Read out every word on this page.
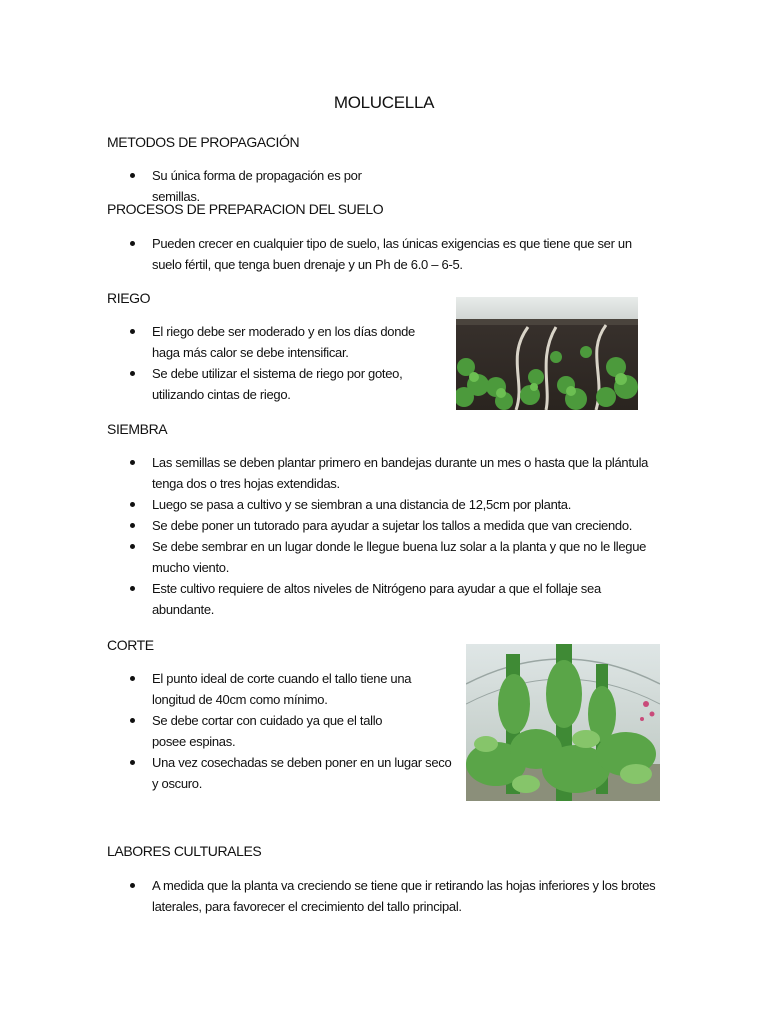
MOLUCELLA
METODOS DE PROPAGACIÓN
Su única forma de propagación es por semillas.
PROCESOS DE PREPARACION DEL SUELO
Pueden crecer en cualquier tipo de suelo, las únicas exigencias es que tiene que ser un suelo fértil, que tenga buen drenaje y un Ph de 6.0 – 6-5.
RIEGO
El riego debe ser moderado y en los días donde haga más calor se debe intensificar.
Se debe utilizar el sistema de riego por goteo, utilizando cintas de riego.
SIEMBRA
Las semillas se deben plantar primero en bandejas durante un mes o hasta que la plántula tenga dos o tres hojas extendidas.
Luego se pasa a cultivo y se siembran a una distancia de 12,5cm por planta.
Se debe poner un tutorado para ayudar a sujetar los tallos a medida que van creciendo.
Se debe sembrar en un lugar donde le llegue buena luz solar a la planta y que no le llegue mucho viento.
Este cultivo requiere de altos niveles de Nitrógeno para ayudar a que el follaje sea abundante.
CORTE
El punto ideal de corte cuando el tallo tiene una longitud de 40cm como mínimo.
Se debe cortar con cuidado ya que el tallo posee espinas.
Una vez cosechadas se deben poner en un lugar seco y oscuro.
LABORES CULTURALES
A medida que la planta va creciendo se tiene que ir retirando las hojas inferiores y los brotes laterales, para favorecer el crecimiento del tallo principal.
